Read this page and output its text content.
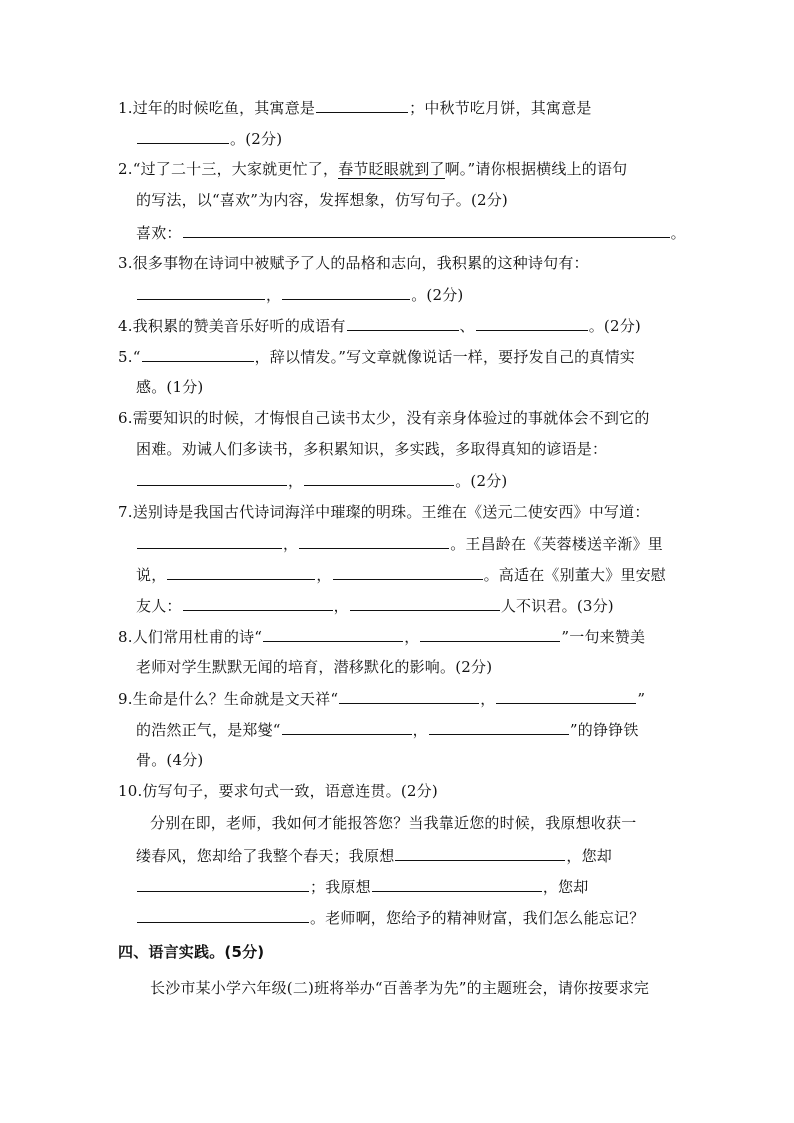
1.过年的时候吃鱼，其寓意是	；中秋节吃月饼，其寓意是
。(2分)
2.“过了二十三，大家就更忙了，春节眨眼就到了啊。”请你根据横线上的语句
的写法，以“喜欢”为内容，发挥想象，仿写句子。(2分)
喜欢：	。
3.很多事物在诗词中被赋予了人的品格和志向，我积累的这种诗句有：
，	。(2分)
4.我积累的赞美音乐好听的成语有	、	。(2分)
5.“	，辞以情发。”写文章就像说话一样，要抒发自己的真情实
感。(1分)
6.需要知识的时候，才悔恨自己读书太少，没有亲身体验过的事就体会不到它的
困难。劝诫人们多读书，多积累知识，多实践，多取得真知的谚语是：
，	。(2分)
7.送别诗是我国古代诗词海洋中璀璨的明珠。王维在《送元二使安西》中写道：
，	。王昌龄在《芙蓉楼送辛渐》里
说，	，	。高适在《别董大》里安慰
友人：	，	人不识君。(3分)
8.人们常用杜甫的诗“	，	”一句来赞美
老师对学生默默无闻的培育，潜移默化的影响。(2分)
9.生命是什么？生命就是文天祥“	，	”
的浩然正气，是郑燮“	，	”的铮铮铁
骨。(4分)
10.仿写句子，要求句式一致，语意连贯。(2分)
分别在即，老师，我如何才能报答您？当我靠近您的时候，我原想收获一
缕春风，您却给了我整个春天；我原想	，您却
；我原想	，您却
。老师啊，您给予的精神财富，我们怎么能忘记？
四、语言实践。(5分)
长沙市某小学六年级(二)班将举办“百善孝为先”的主题班会，请你按要求完
